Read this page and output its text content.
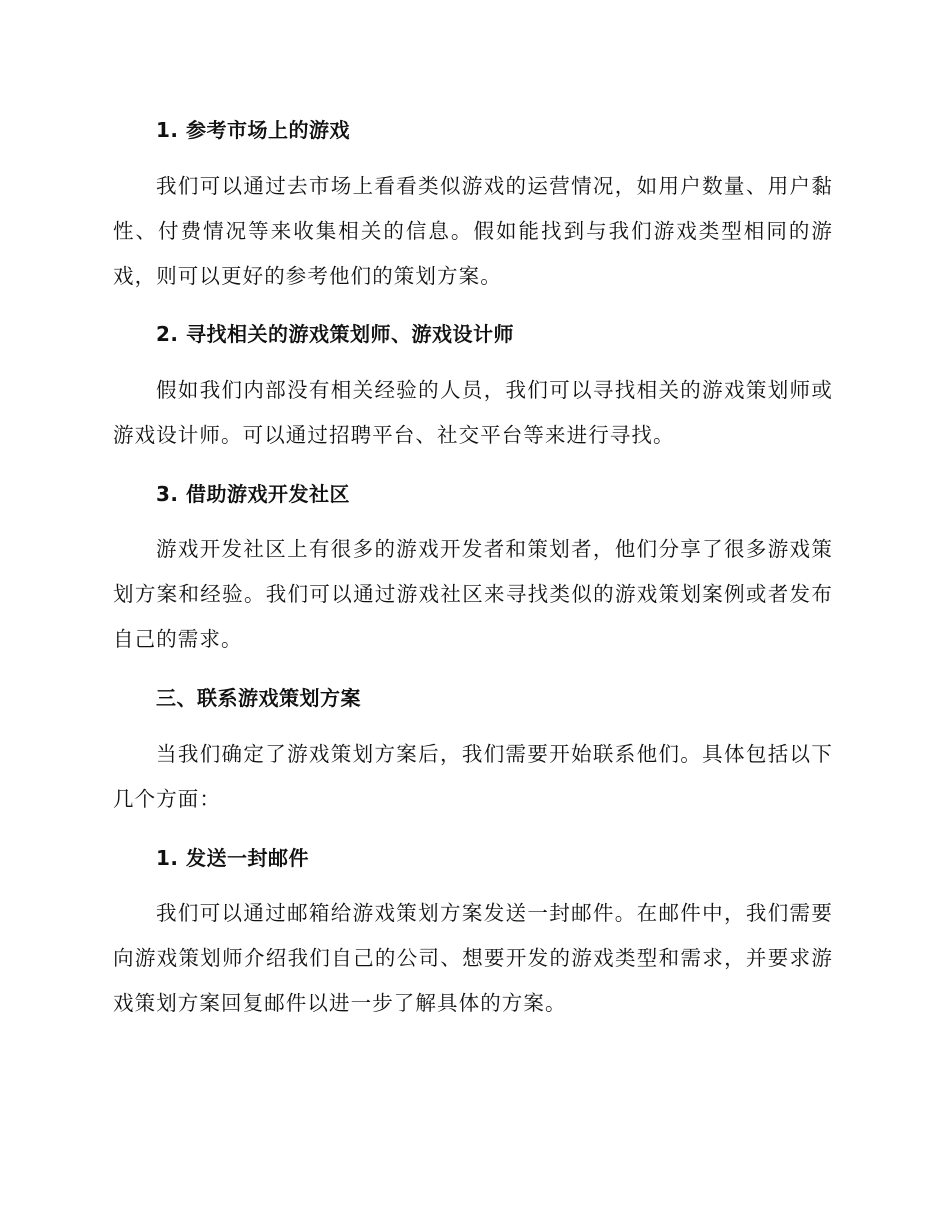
1. 参考市场上的游戏

我们可以通过去市场上看看类似游戏的运营情况，如用户数量、用户黏性、付费情况等来收集相关的信息。假如能找到与我们游戏类型相同的游戏，则可以更好的参考他们的策划方案。

2. 寻找相关的游戏策划师、游戏设计师

假如我们内部没有相关经验的人员，我们可以寻找相关的游戏策划师或游戏设计师。可以通过招聘平台、社交平台等来进行寻找。

3. 借助游戏开发社区

游戏开发社区上有很多的游戏开发者和策划者，他们分享了很多游戏策划方案和经验。我们可以通过游戏社区来寻找类似的游戏策划案例或者发布自己的需求。

三、联系游戏策划方案

当我们确定了游戏策划方案后，我们需要开始联系他们。具体包括以下几个方面：

1. 发送一封邮件

我们可以通过邮箱给游戏策划方案发送一封邮件。在邮件中，我们需要向游戏策划师介绍我们自己的公司、想要开发的游戏类型和需求，并要求游戏策划方案回复邮件以进一步了解具体的方案。
